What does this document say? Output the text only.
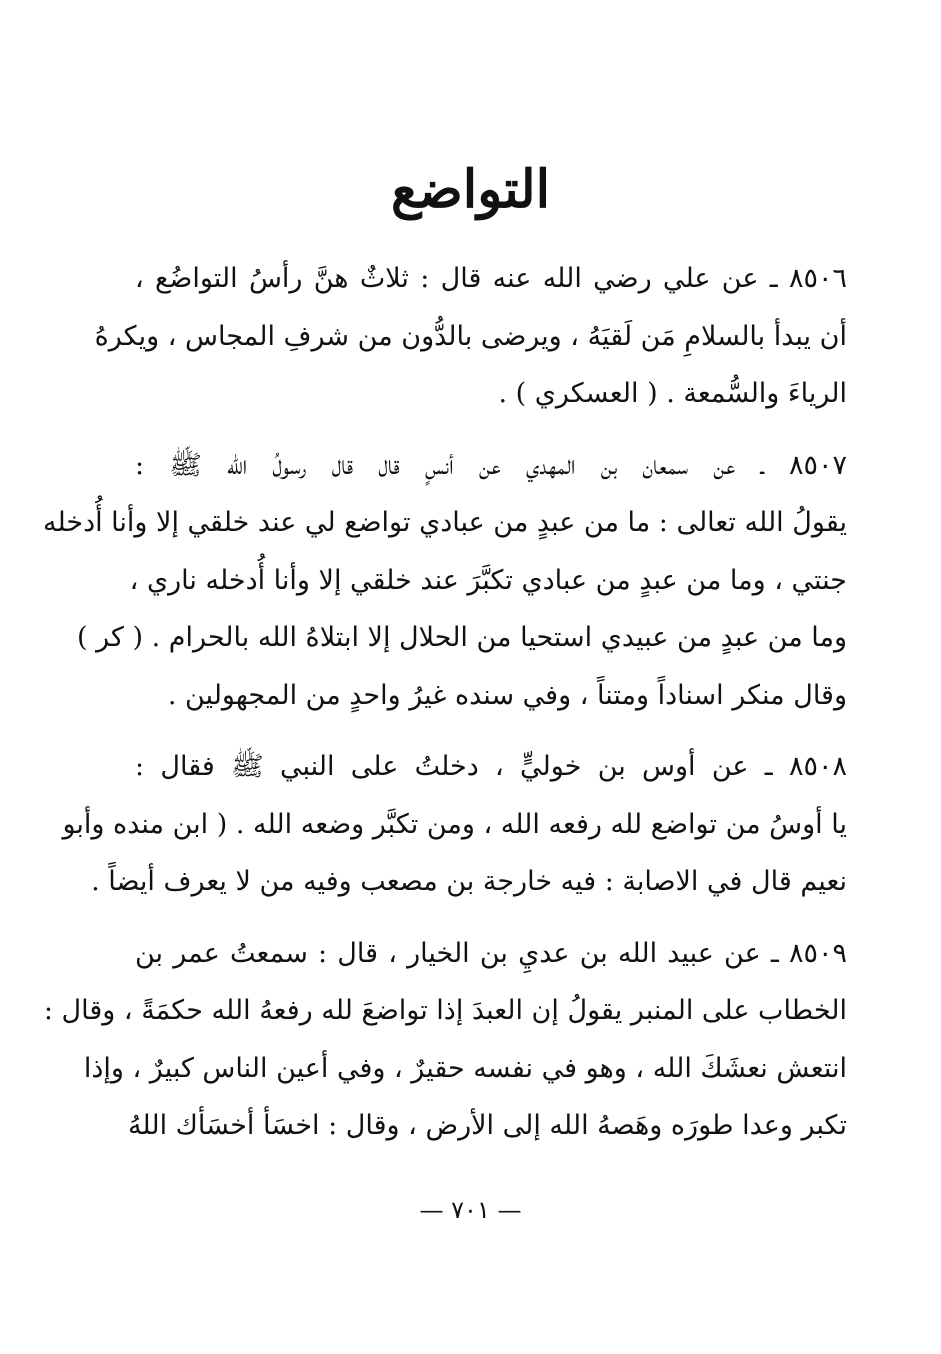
التواضع
٨٥٠٦ ـ عن علي رضي الله عنه قال : ثلاثٌ هنَّ رأسُ التواضُع ،
أن يبدأ بالسلامِ مَن لَقيَهُ ، ويرضى بالدُّون من شرفِ المجاس ، ويكرهُ
الرياءَ والسُّمعة . ( العسكري ) .
٨٥٠٧ ـ عن سمعان بن المهدي عن أنسٍ قال قال رسولُ الله ﷺ :
يقولُ الله تعالى : ما من عبدٍ من عبادي تواضع لي عند خلقي إلا وأنا أُدخله
جنتي ، وما من عبدٍ من عبادي تكبَّرَ عند خلقي إلا وأنا أُدخله ناري ،
وما من عبدٍ من عبيدي استحيا من الحلال إلا ابتلاهُ الله بالحرام . ( كر )
وقال منكر اسناداً ومتناً ، وفي سنده غيرُ واحدٍ من المجهولين .
٨٥٠٨ ـ عن أوس بن خوليٍّ ، دخلتُ على النبي ﷺ فقال :
يا أوسُ من تواضع لله رفعه الله ، ومن تكبَّر وضعه الله . ( ابن منده وأبو
نعيم قال في الاصابة : فيه خارجة بن مصعب وفيه من لا يعرف أيضاً .
٨٥٠٩ ـ عن عبيد الله بن عديِ بن الخيار ، قال : سمعتُ عمر بن
الخطاب على المنبر يقولُ إن العبدَ إذا تواضعَ لله رفعهُ الله حكمَةً ، وقال :
انتعش نعشَكَ الله ، وهو في نفسه حقيرٌ ، وفي أعين الناس كبيرٌ ، وإذا
تكبر وعدا طورَه وهَصهُ الله إلى الأرض ، وقال : اخسَأ أخسَأك اللهُ
— ٧٠١ —
